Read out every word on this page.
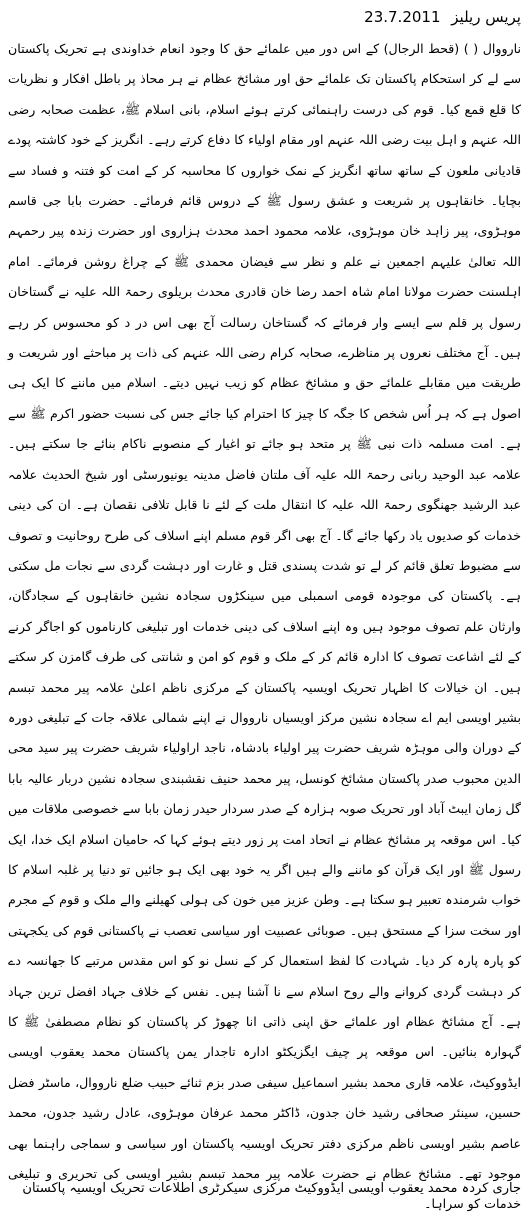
پریس ریلیز 23.7.2011
نارووال ( ) (قحط الرجال) کے اس دور میں علمائے حق کا وجود انعام خداوندی ہے تحریک پاکستان سے لے کر استحکام پاکستان تک علمائے حق اور مشائخ عظام نے ہر محاذ پر باطل افکار و نظریات کا قلع قمع کیا۔ قوم کی درست راہنمائی کرتے ہوئے اسلام، بانی اسلام ﷺ، عظمت صحابہ رضی اللہ عنہم و اہل بیت رضی اللہ عنہم اور مقام اولیاء کا دفاع کرتے رہے۔ انگریز کے خود کاشتہ پودے قادیانی ملعون کے ساتھ ساتھ انگریز کے نمک خواروں کا محاسبہ کر کے امت کو فتنہ و فساد سے بچایا۔ خانقاہوں پر شریعت و عشق رسول ﷺ کے دروس قائم فرمائے۔ حضرت بابا جی قاسم موہڑوی، پیر زاہد خان موہڑوی، علامہ محمود احمد محدث ہزاروی اور حضرت زندہ پیر رحمہم اللہ تعالیٰ علیہم اجمعین نے علم و نظر سے فیضان محمدی ﷺ کے چراغ روشن فرمائے۔ امام اہلسنت حضرت مولانا امام شاہ احمد رضا خان قادری محدث بریلوی رحمۃ اللہ علیہ نے گستاخان رسول پر قلم سے ایسے وار فرمائے کہ گستاخان رسالت آج بھی اس در د کو محسوس کر رہے ہیں۔ آج مختلف نعروں پر مناظرے، صحابہ کرام رضی اللہ عنہم کی ذات پر مباحثے اور شریعت و طریقت میں مقابلے علمائے حق و مشائخ عظام کو زیب نہیں دیتے۔ اسلام میں ماننے کا ایک ہی اصول ہے کہ ہر اُس شخص کا جگہ کا چیز کا احترام کیا جائے جس کی نسبت حضور اکرم ﷺ سے ہے۔ امت مسلمہ ذات نبی ﷺ پر متحد ہو جائے تو اغیار کے منصوبے ناکام بنائے جا سکتے ہیں۔ علامہ عبد الوحید ربانی رحمۃ اللہ علیہ آف ملتان فاضل مدینہ یونیورسٹی اور شیخ الحدیث علامہ عبد الرشید جھنگوی رحمۃ اللہ علیہ کا انتقال ملت کے لئے نا قابل تلافی نقصان ہے۔ ان کی دینی خدمات کو صدیوں یاد رکھا جائے گا۔ آج بھی اگر قوم مسلم اپنے اسلاف کی طرح روحانیت و تصوف سے مضبوط تعلق قائم کر لے تو شدت پسندی قتل و غارت اور دہشت گردی سے نجات مل سکتی ہے۔ پاکستان کی موجودہ قومی اسمبلی میں سینکڑوں سجادہ نشین خانقاہوں کے سجادگان، وارثان علم تصوف موجود ہیں وہ اپنے اسلاف کی دینی خدمات اور تبلیغی کارناموں کو اجاگر کرنے کے لئے اشاعت تصوف کا ادارہ قائم کر کے ملک و قوم کو امن و شانتی کی طرف گامزن کر سکتے ہیں۔ ان خیالات کا اظہار تحریک اویسیہ پاکستان کے مرکزی ناظم اعلیٰ علامہ پیر محمد تبسم بشیر اویسی ایم اے سجادہ نشین مرکز اویسیاں نارووال نے اپنے شمالی علاقہ جات کے تبلیغی دورہ کے دوران والی موہڑہ شریف حضرت پیر اولیاء بادشاہ، ناجد اراولیاء شریف حضرت پیر سید محی الدین محبوب صدر پاکستان مشائخ کونسل، پیر محمد حنیف نقشبندی سجادہ نشین دربار عالیہ بابا گل زمان ایبٹ آباد اور تحریک صوبہ ہزارہ کے صدر سردار حیدر زمان بابا سے خصوصی ملاقات میں کیا۔ اس موقعہ پر مشائخ عظام نے اتحاد امت پر زور دیتے ہوئے کہا کہ حامیان اسلام ایک خدا، ایک رسول ﷺ اور ایک قرآن کو ماننے والے ہیں اگر یہ خود بھی ایک ہو جائیں تو دنیا پر غلبہ اسلام کا خواب شرمندہ تعبیر ہو سکتا ہے۔ وطن عزیز میں خون کی ہولی کھیلنے والے ملک و قوم کے مجرم اور سخت سزا کے مستحق ہیں۔ صوبائی عصبیت اور سیاسی تعصب نے پاکستانی قوم کی یکجہتی کو پارہ پارہ کر دیا۔ شہادت کا لفظ استعمال کر کے نسل نو کو اس مقدس مرتبے کا جھانسہ دے کر دہشت گردی کروانے والے روح اسلام سے نا آشنا ہیں۔ نفس کے خلاف جہاد افضل ترین جہاد ہے۔ آج مشائخ عظام اور علمائے حق اپنی ذاتی انا چھوڑ کر پاکستان کو نظام مصطفیٰ ﷺ کا گہوارہ بنائیں۔ اس موقعہ پر چیف ایگزیکٹو ادارہ تاجدار یمن پاکستان محمد یعقوب اویسی ایڈووکیٹ، علامہ قاری محمد بشیر اسماعیل سیفی صدر بزم ثنائے حبیب ضلع نارووال، ماسٹر فضل حسین، سینئر صحافی رشید خان جدون، ڈاکٹر محمد عرفان موہڑوی، عادل رشید جدون، محمد عاصم بشیر اویسی ناظم مرکزی دفتر تحریک اویسیہ پاکستان اور سیاسی و سماجی راہنما بھی موجود تھے۔ مشائخ عظام نے حضرت علامہ پیر محمد تبسم بشیر اویسی کی تحریری و تبلیغی خدمات کو سراہا۔
جاری کردہ محمد یعقوب اویسی ایڈووکیٹ مرکزی سیکرٹری اطلاعات تحریک اویسیہ پاکستان
